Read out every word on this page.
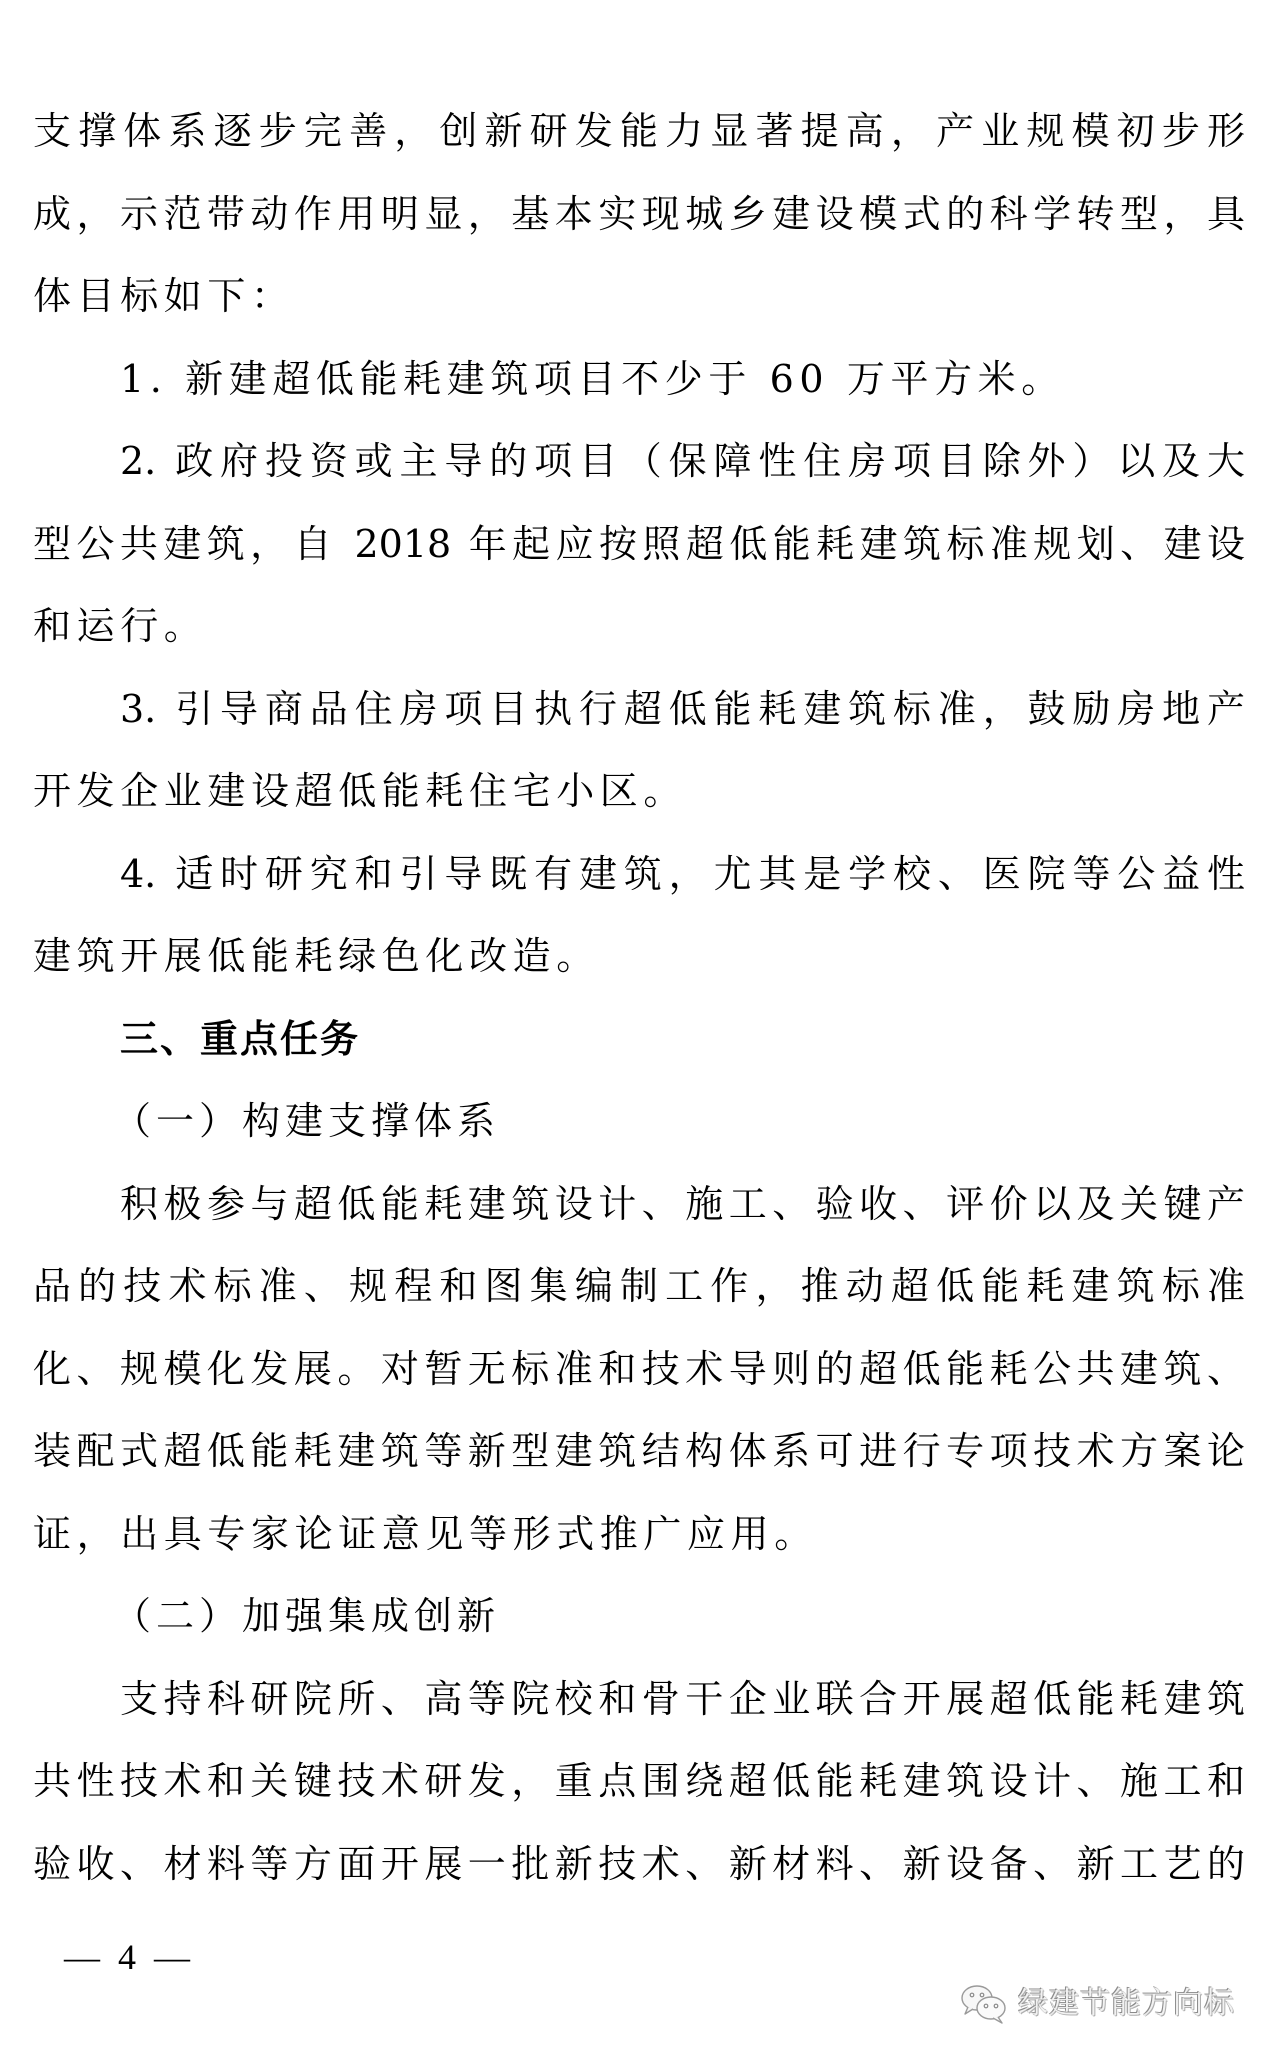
支撑体系逐步完善，创新研发能力显著提高，产业规模初步形
成，示范带动作用明显，基本实现城乡建设模式的科学转型，具
体目标如下：
1. 新建超低能耗建筑项目不少于 60 万平方米。
2. 政府投资或主导的项目（保障性住房项目除外）以及大
型公共建筑，自 2018 年起应按照超低能耗建筑标准规划、建设
和运行。
3. 引导商品住房项目执行超低能耗建筑标准，鼓励房地产
开发企业建设超低能耗住宅小区。
4. 适时研究和引导既有建筑，尤其是学校、医院等公益性
建筑开展低能耗绿色化改造。
三、重点任务
（一）构建支撑体系
积极参与超低能耗建筑设计、施工、验收、评价以及关键产
品的技术标准、规程和图集编制工作，推动超低能耗建筑标准
化、规模化发展。对暂无标准和技术导则的超低能耗公共建筑、
装配式超低能耗建筑等新型建筑结构体系可进行专项技术方案论
证，出具专家论证意见等形式推广应用。
（二）加强集成创新
支持科研院所、高等院校和骨干企业联合开展超低能耗建筑
共性技术和关键技术研发，重点围绕超低能耗建筑设计、施工和
验收、材料等方面开展一批新技术、新材料、新设备、新工艺的
—  4  —
绿建节能方向标
